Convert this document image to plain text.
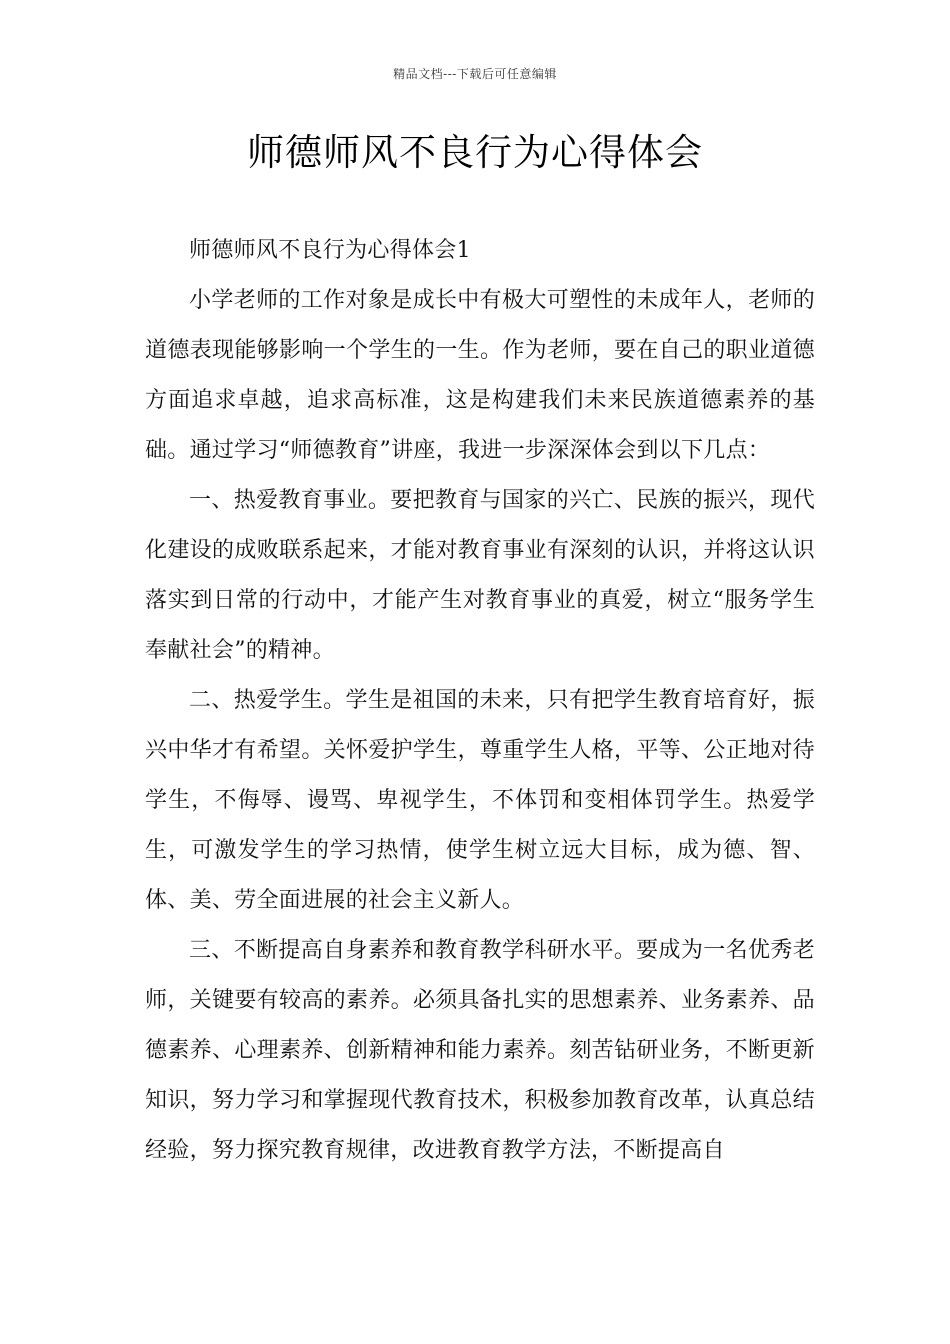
精品文档---下载后可任意编辑
师德师风不良行为心得体会

师德师风不良行为心得体会1

小学老师的工作对象是成长中有极大可塑性的未成年人，老师的道德表现能够影响一个学生的一生。作为老师，要在自己的职业道德方面追求卓越，追求高标准，这是构建我们未来民族道德素养的基础。通过学习“师德教育”讲座，我进一步深深体会到以下几点：

一、热爱教育事业。要把教育与国家的兴亡、民族的振兴，现代化建设的成败联系起来，才能对教育事业有深刻的认识，并将这认识落实到日常的行动中，才能产生对教育事业的真爱，树立“服务学生奉献社会”的精神。

二、热爱学生。学生是祖国的未来，只有把学生教育培育好，振兴中华才有希望。关怀爱护学生，尊重学生人格，平等、公正地对待学生，不侮辱、谩骂、卑视学生，不体罚和变相体罚学生。热爱学生，可激发学生的学习热情，使学生树立远大目标，成为德、智、体、美、劳全面进展的社会主义新人。

三、不断提高自身素养和教育教学科研水平。要成为一名优秀老师，关键要有较高的素养。必须具备扎实的思想素养、业务素养、品德素养、心理素养、创新精神和能力素养。刻苦钻研业务，不断更新知识，努力学习和掌握现代教育技术，积极参加教育改革，认真总结经验，努力探究教育规律，改进教育教学方法，不断提高自
